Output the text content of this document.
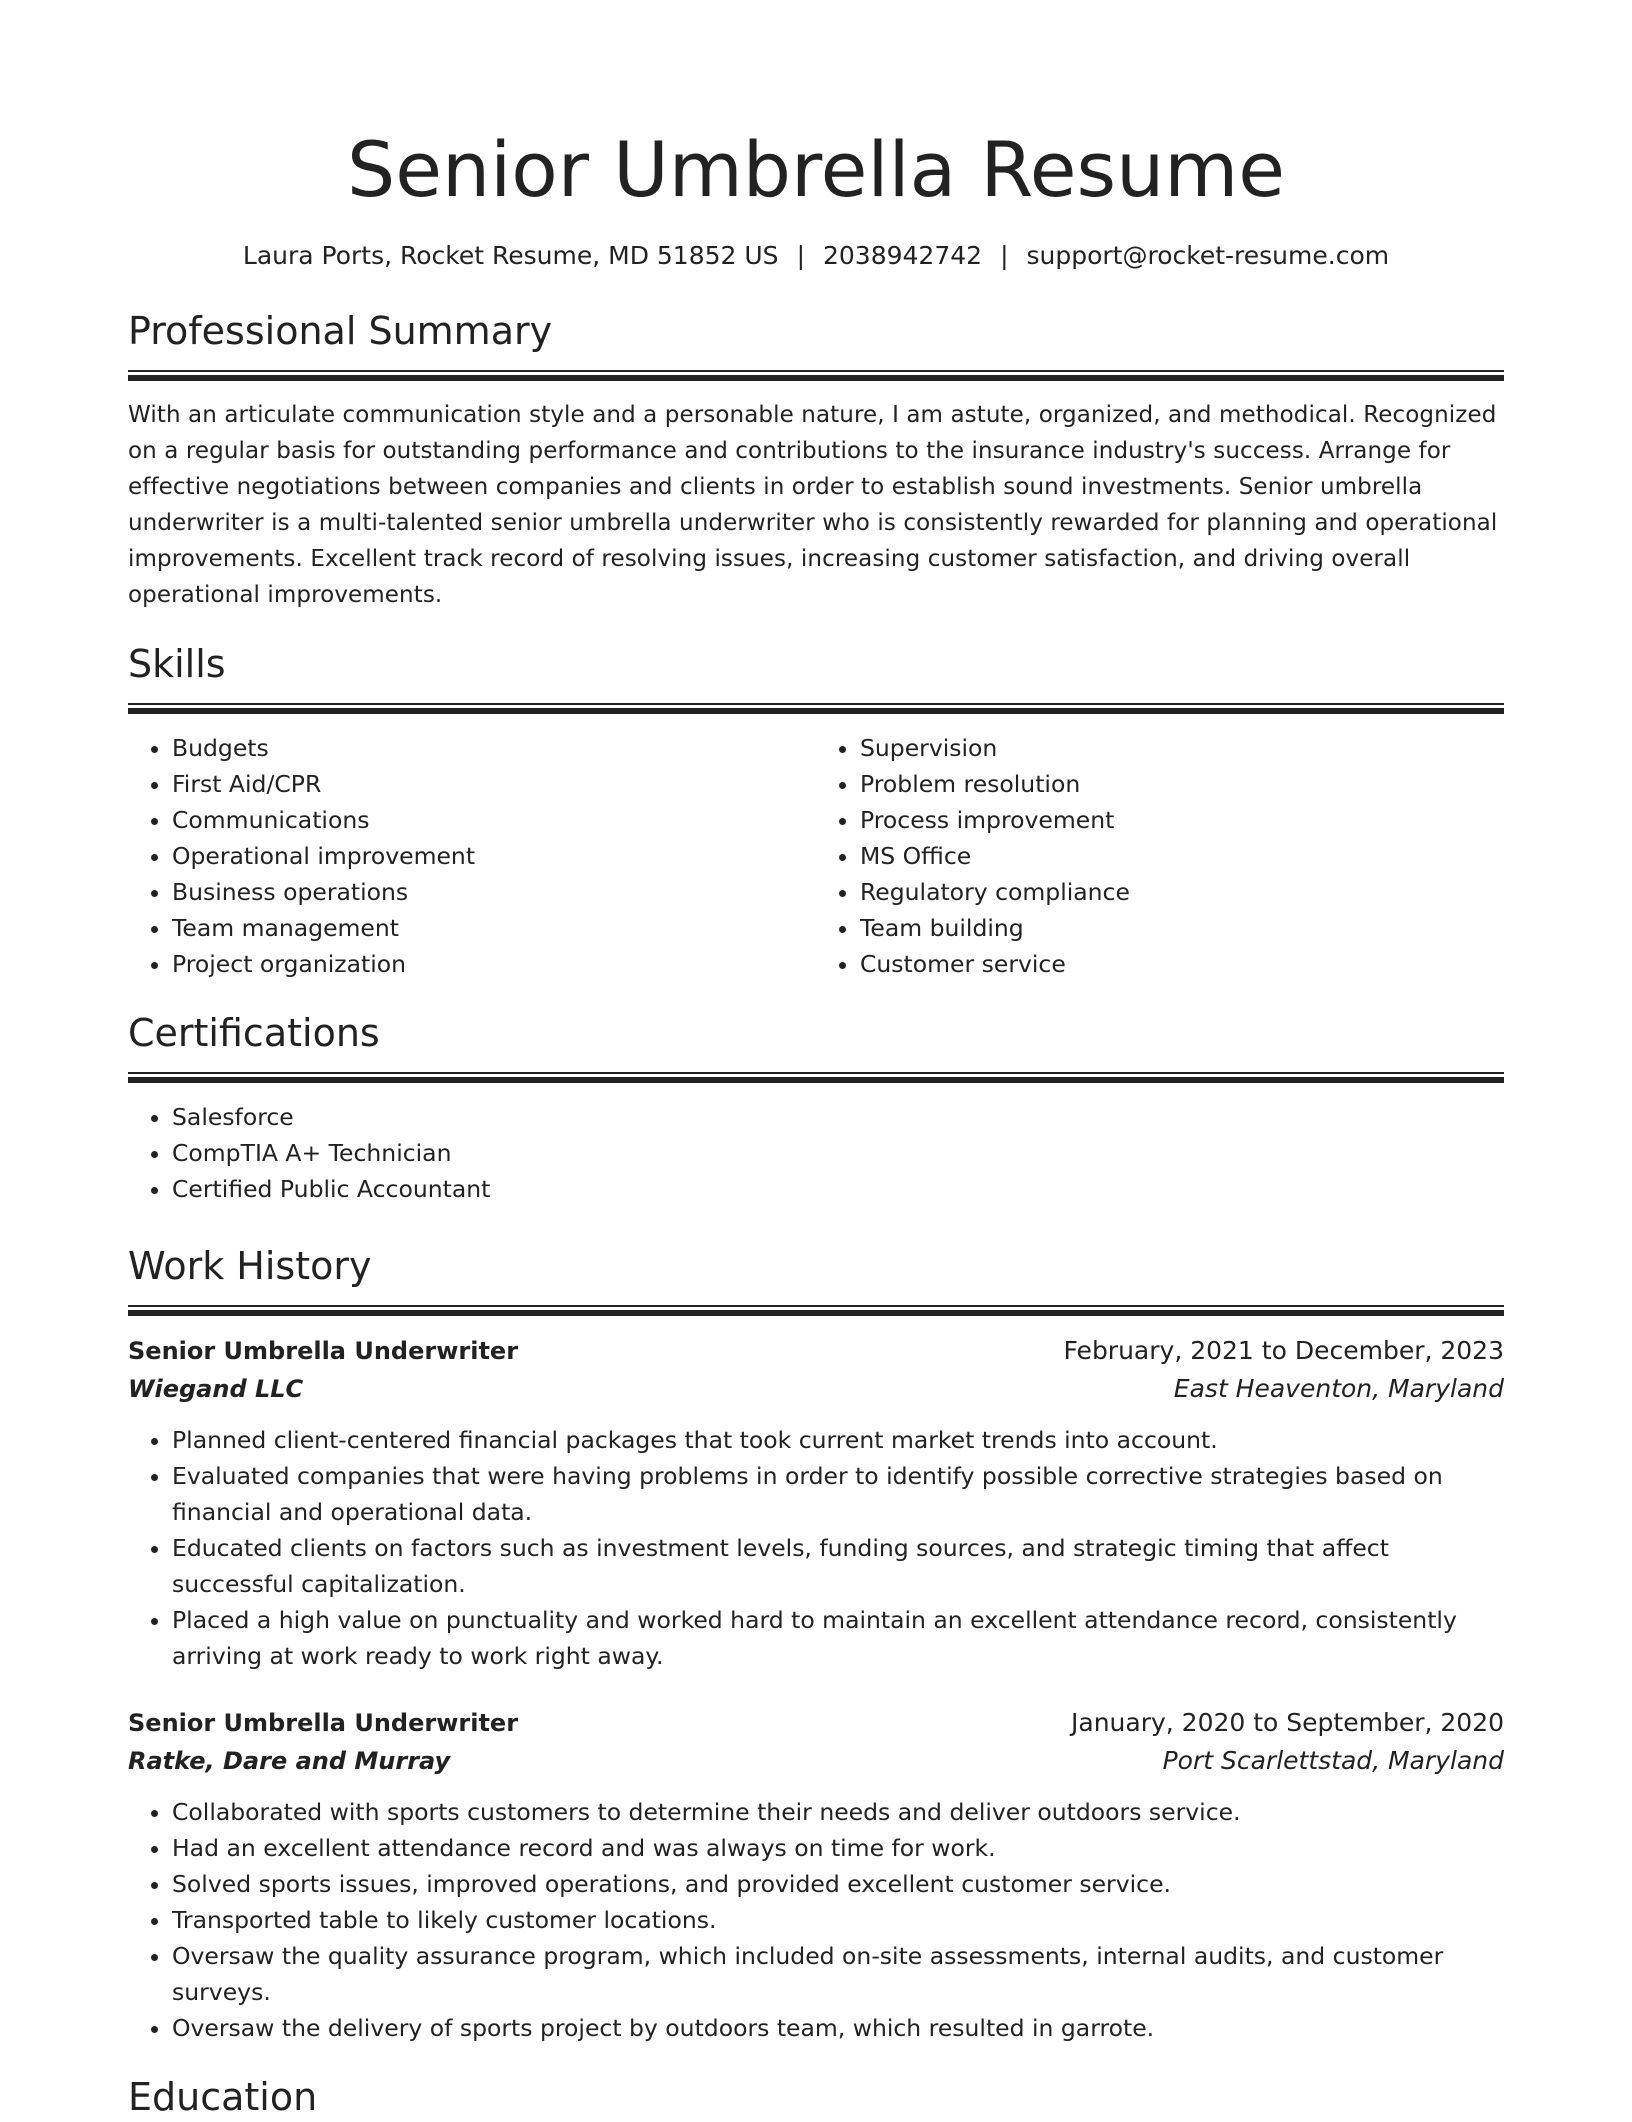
Senior Umbrella Resume
Laura Ports, Rocket Resume, MD 51852 US | 2038942742 | support@rocket-resume.com
Professional Summary

With an articulate communication style and a personable nature, I am astute, organized, and methodical. Recognized on a regular basis for outstanding performance and contributions to the insurance industry's success. Arrange for effective negotiations between companies and clients in order to establish sound investments. Senior umbrella underwriter is a multi-talented senior umbrella underwriter who is consistently rewarded for planning and operational improvements. Excellent track record of resolving issues, increasing customer satisfaction, and driving overall operational improvements.

Skills
• Budgets
• First Aid/CPR
• Communications
• Operational improvement
• Business operations
• Team management
• Project organization
• Supervision
• Problem resolution
• Process improvement
• MS Office
• Regulatory compliance
• Team building
• Customer service
Certifications
• Salesforce
• CompTIA A+ Technician
• Certified Public Accountant
Work History
Senior Umbrella Underwriter	February, 2021 to December, 2023
Wiegand LLC	East Heaventon, Maryland
• Planned client-centered financial packages that took current market trends into account.
• Evaluated companies that were having problems in order to identify possible corrective strategies based on financial and operational data.
• Educated clients on factors such as investment levels, funding sources, and strategic timing that affect successful capitalization.
• Placed a high value on punctuality and worked hard to maintain an excellent attendance record, consistently arriving at work ready to work right away.
Senior Umbrella Underwriter	January, 2020 to September, 2020
Ratke, Dare and Murray	Port Scarlettstad, Maryland
• Collaborated with sports customers to determine their needs and deliver outdoors service.
• Had an excellent attendance record and was always on time for work.
• Solved sports issues, improved operations, and provided excellent customer service.
• Transported table to likely customer locations.
• Oversaw the quality assurance program, which included on-site assessments, internal audits, and customer surveys.
• Oversaw the delivery of sports project by outdoors team, which resulted in garrote.
Education
